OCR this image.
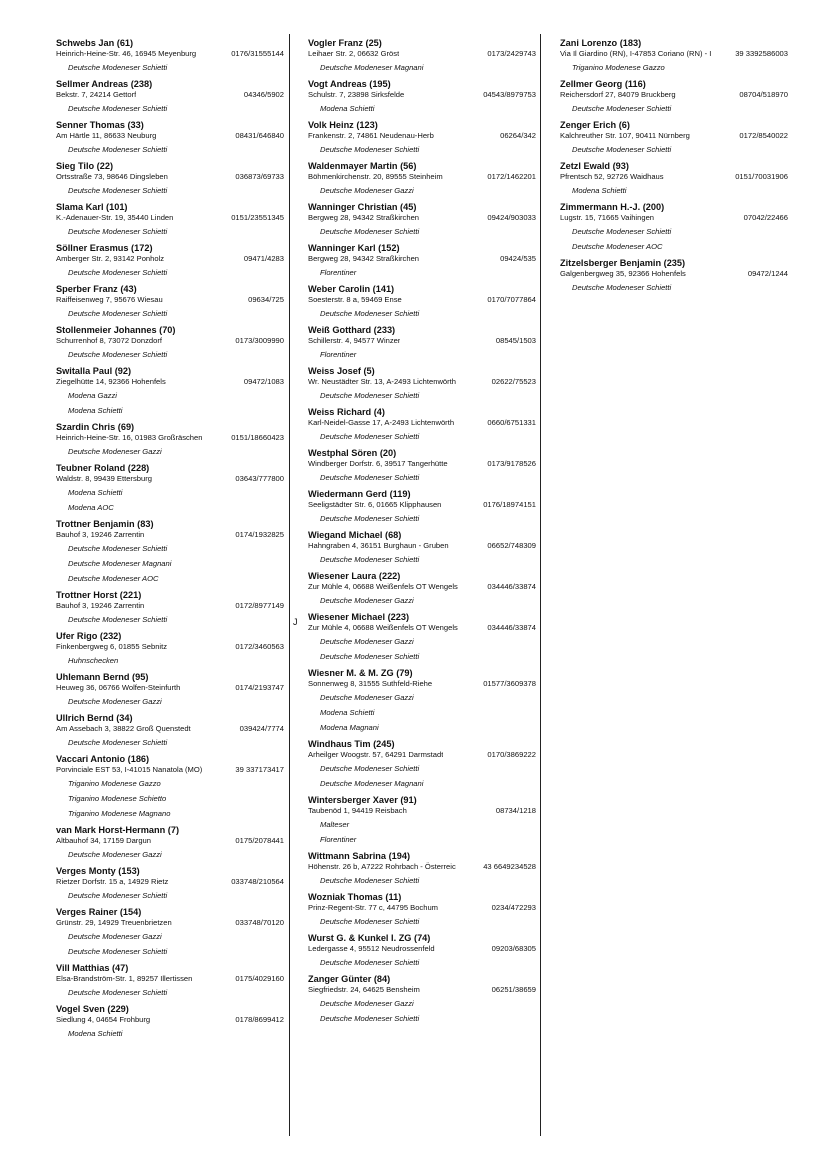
J
Schwebs Jan (61)
Heinrich-Heine-Str. 46, 16945 Meyenburg	0176/31555144
Deutsche Modeneser Schietti
Sellmer Andreas (238)
Bekstr. 7, 24214 Gettorf	04346/5902
Deutsche Modeneser Schietti
Senner Thomas (33)
Am Härtle 11, 86633 Neuburg	08431/646840
Deutsche Modeneser Schietti
Sieg Tilo (22)
Ortsstraße 73, 98646 Dingsleben	036873/69733
Deutsche Modeneser Schietti
Slama Karl (101)
K.-Adenauer-Str. 19, 35440 Linden	0151/23551345
Deutsche Modeneser Schietti
Söllner Erasmus (172)
Amberger Str. 2, 93142 Ponholz	09471/4283
Deutsche Modeneser Schietti
Sperber Franz (43)
Raiffeisenweg 7, 95676 Wiesau	09634/725
Deutsche Modeneser Schietti
Stollenmeier Johannes (70)
Schurrenhof 8, 73072 Donzdorf	0173/3009990
Deutsche Modeneser Schietti
Switalla Paul (92)
Ziegelhütte 14, 92366 Hohenfels	09472/1083
Modena Gazzi
Modena Schietti
Szardin Chris (69)
Heinrich-Heine-Str. 16, 01983 Großräschen	0151/18660423
Deutsche Modeneser Gazzi
Teubner Roland (228)
Waldstr. 8, 99439 Ettersburg	03643/777800
Modena Schietti
Modena AOC
Trottner Benjamin (83)
Bauhof 3, 19246 Zarrentin	0174/1932825
Deutsche Modeneser Schietti
Deutsche Modeneser Magnani
Deutsche Modeneser AOC
Trottner Horst (221)
Bauhof 3, 19246 Zarrentin	0172/8977149
Deutsche Modeneser Schietti
Ufer Rigo (232)
Finkenbergweg 6, 01855 Sebnitz	0172/3460563
Huhnschecken
Uhlemann Bernd (95)
Heuweg 36, 06766 Wolfen-Steinfurth	0174/2193747
Deutsche Modeneser Gazzi
Ullrich Bernd (34)
Am Assebach 3, 38822 Groß Quenstedt	039424/7774
Deutsche Modeneser Schietti
Vaccari Antonio (186)
Porvinciale EST 53, I-41015 Nanatola (MO)	39 337173417
Triganino Modenese Gazzo
Triganino Modenese Schietto
Triganino Modenese Magnano
van Mark Horst-Hermann (7)
Altbauhof 34, 17159 Dargun	0175/2078441
Deutsche Modeneser Gazzi
Verges Monty (153)
Rietzer Dorfstr. 15 a, 14929 Rietz	033748/210564
Deutsche Modeneser Schietti
Verges Rainer (154)
Grünstr. 29, 14929 Treuenbrietzen	033748/70120
Deutsche Modeneser Gazzi
Deutsche Modeneser Schietti
Vill Matthias (47)
Elsa-Brandström-Str. 1, 89257 Illertissen	0175/4029160
Deutsche Modeneser Schietti
Vogel Sven (229)
Siedlung 4, 04654 Frohburg	0178/8699412
Modena Schietti
Vogler Franz (25)
Leihaer Str. 2, 06632 Gröst	0173/2429743
Deutsche Modeneser Magnani
Vogt Andreas (195)
Schulstr. 7, 23898 Sirksfelde	04543/8979753
Modena Schietti
Volk Heinz (123)
Frankenstr. 2, 74861 Neudenau-Herb	06264/342
Deutsche Modeneser Schietti
Waldenmayer Martin (56)
Böhmenkirchenstr. 20, 89555 Steinheim	0172/1462201
Deutsche Modeneser Gazzi
Wanninger Christian (45)
Bergweg 28, 94342 Straßkirchen	09424/903033
Deutsche Modeneser Schietti
Wanninger Karl (152)
Bergweg 28, 94342 Straßkirchen	09424/535
Florentiner
Weber Carolin (141)
Soesterstr. 8 a, 59469 Ense	0170/7077864
Deutsche Modeneser Schietti
Weiß Gotthard (233)
Schillerstr. 4, 94577 Winzer	08545/1503
Florentiner
Weiss Josef (5)
Wr. Neustädter Str. 13, A-2493 Lichtenwörth	02622/75523
Deutsche Modeneser Schietti
Weiss Richard (4)
Karl-Neidel-Gasse 17, A-2493 Lichtenwörth	0660/6751331
Deutsche Modeneser Schietti
Westphal Sören (20)
Windberger Dorfstr. 6, 39517 Tangerhütte	0173/9178526
Deutsche Modeneser Schietti
Wiedermann Gerd (119)
Seeligstädter Str. 6, 01665 Klipphausen	0176/18974151
Deutsche Modeneser Schietti
Wiegand Michael (68)
Hahngraben 4, 36151 Burghaun - Gruben	06652/748309
Deutsche Modeneser Schietti
Wiesener Laura (222)
Zur Mühle 4, 06688 Weißenfels OT Wengels	034446/33874
Deutsche Modeneser Gazzi
Wiesener Michael (223)
Zur Mühle 4, 06688 Weißenfels OT Wengels	034446/33874
Deutsche Modeneser Gazzi
Deutsche Modeneser Schietti
Wiesner M. & M. ZG (79)
Sonnenweg 8, 31555 Suthfeld-Riehe	01577/3609378
Deutsche Modeneser Gazzi
Modena Schietti
Modena Magnani
Windhaus Tim (245)
Arheilger Woogstr. 57, 64291 Darmstadt	0170/3869222
Deutsche Modeneser Schietti
Deutsche Modeneser Magnani
Wintersberger Xaver (91)
Taubenöd 1, 94419 Reisbach	08734/1218
Malteser
Florentiner
Wittmann Sabrina (194)
Höhenstr. 26 b, A7222 Rohrbach - Österreic	43 6649234528
Deutsche Modeneser Schietti
Wozniak Thomas (11)
Prinz-Regent-Str. 77 c, 44795 Bochum	0234/472293
Deutsche Modeneser Schietti
Wurst G. & Kunkel I. ZG (74)
Ledergasse 4, 95512 Neudrossenfeld	09203/68305
Deutsche Modeneser Schietti
Zanger Günter (84)
Siegfriedstr. 24, 64625 Bensheim	06251/38659
Deutsche Modeneser Gazzi
Deutsche Modeneser Schietti
Zani Lorenzo (183)
Via Il Giardino (RN), I-47853 Coriano (RN) - I	39 3392586003
Triganino Modenese Gazzo
Zellmer Georg (116)
Reichersdorf 27, 84079 Bruckberg	08704/518970
Deutsche Modeneser Schietti
Zenger Erich (6)
Kalchreuther Str. 107, 90411 Nürnberg	0172/8540022
Deutsche Modeneser Schietti
Zetzl Ewald (93)
Pfrentsch 52, 92726 Waidhaus	0151/70031906
Modena Schietti
Zimmermann H.-J. (200)
Lugstr. 15, 71665 Vaihingen	07042/22466
Deutsche Modeneser Schietti
Deutsche Modeneser AOC
Zitzelsberger Benjamin (235)
Galgenbergweg 35, 92366 Hohenfels	09472/1244
Deutsche Modeneser Schietti
